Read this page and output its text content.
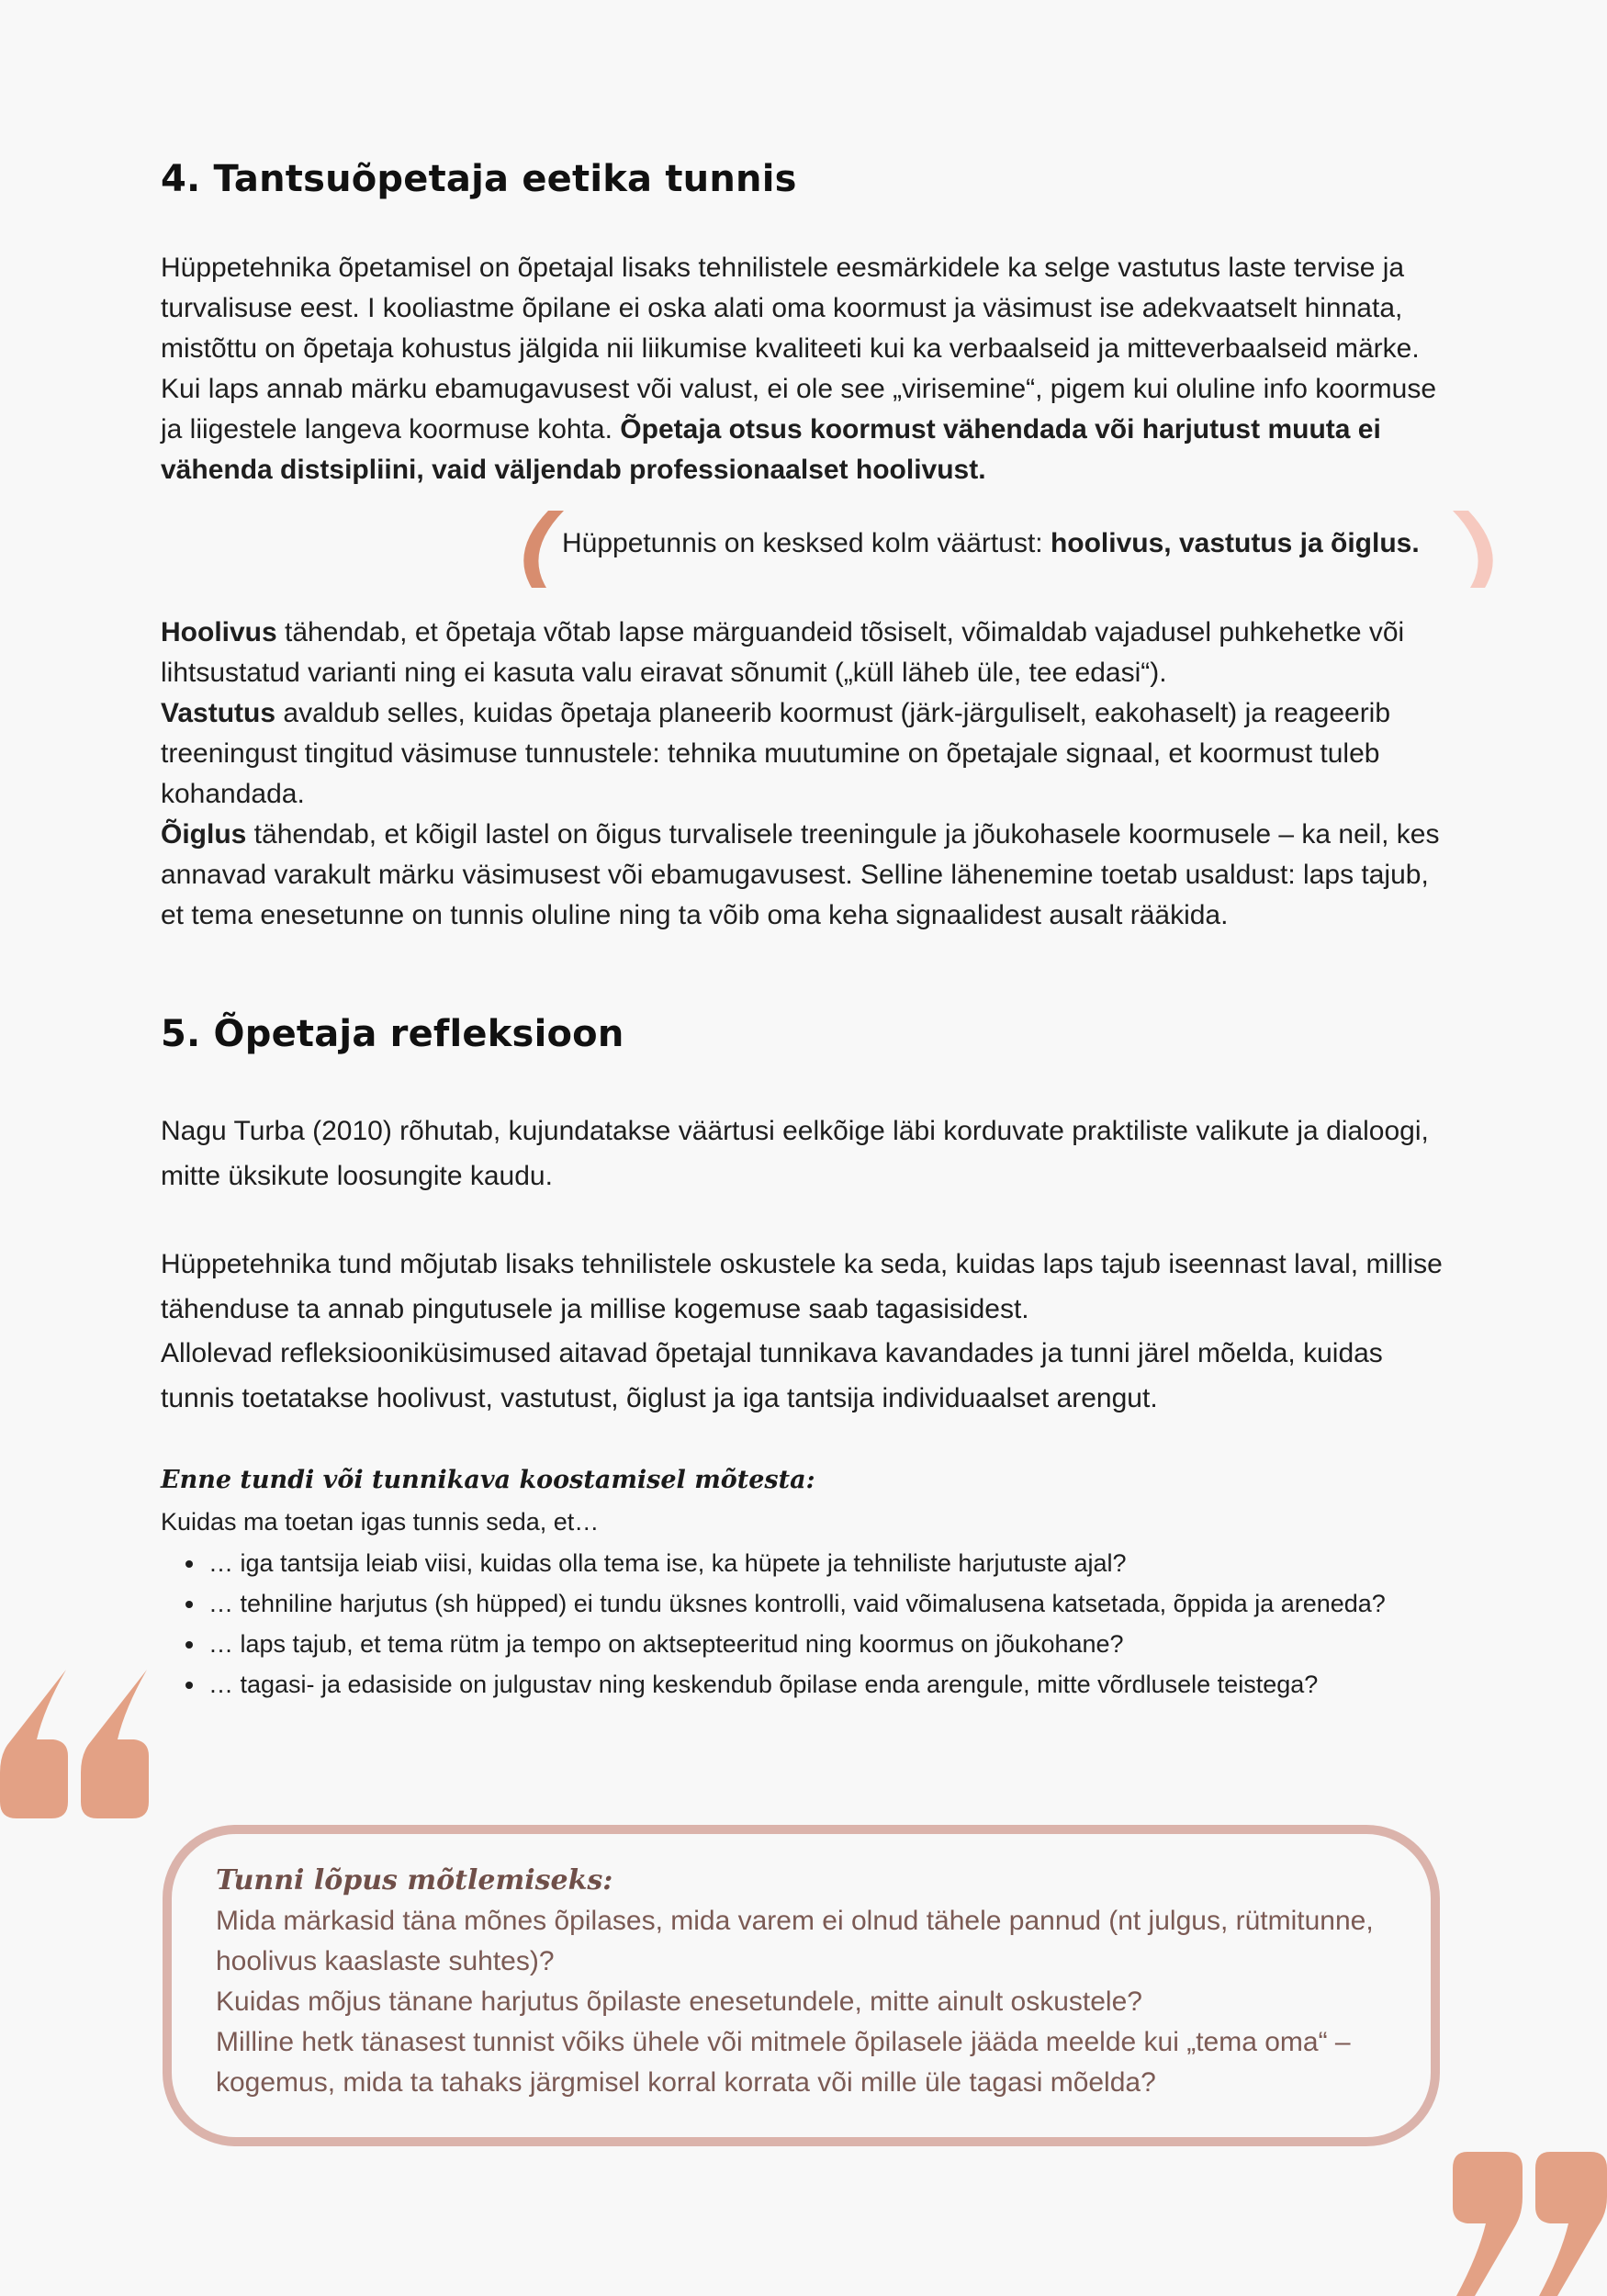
4. Tantsuõpetaja eetika tunnis

Hüppetehnika õpetamisel on õpetajal lisaks tehnilistele eesmärkidele ka selge vastutus laste tervise ja turvalisuse eest. I kooliastme õpilane ei oska alati oma koormust ja väsimust ise adekvaatselt hinnata, mistõttu on õpetaja kohustus jälgida nii liikumise kvaliteeti kui ka verbaalseid ja mitteverbaalseid märke. Kui laps annab märku ebamugavusest või valust, ei ole see „virisemine“, pigem kui oluline info koormuse ja liigestele langeva koormuse kohta. Õpetaja otsus koormust vähendada või harjutust muuta ei vähenda distsipliini, vaid väljendab professionaalset hoolivust.

Hüppetunnis on kesksed kolm väärtust: hoolivus, vastutus ja õiglus.

Hoolivus tähendab, et õpetaja võtab lapse märguandeid tõsiselt, võimaldab vajadusel puhkehetke või lihtsustatud varianti ning ei kasuta valu eiravat sõnumit („küll läheb üle, tee edasi“).

Vastutus avaldub selles, kuidas õpetaja planeerib koormust (järk-järguliselt, eakohaselt) ja reageerib treeningust tingitud väsimuse tunnustele: tehnika muutumine on õpetajale signaal, et koormust tuleb kohandada.

Õiglus tähendab, et kõigil lastel on õigus turvalisele treeningule ja jõukohasele koormusele – ka neil, kes annavad varakult märku väsimusest või ebamugavusest. Selline lähenemine toetab usaldust: laps tajub, et tema enesetunne on tunnis oluline ning ta võib oma keha signaalidest ausalt rääkida.

5. Õpetaja refleksioon

Nagu Turba (2010) rõhutab, kujundatakse väärtusi eelkõige läbi korduvate praktiliste valikute ja dialoogi, mitte üksikute loosungite kaudu.

Hüppetehnika tund mõjutab lisaks tehnilistele oskustele ka seda, kuidas laps tajub iseennast laval, millise tähenduse ta annab pingutusele ja millise kogemuse saab tagasisidest.

Allolevad refleksiooniküsimused aitavad õpetajal tunnikava kavandades ja tunni järel mõelda, kuidas tunnis toetatakse hoolivust, vastutust, õiglust ja iga tantsija individuaalset arengut.

Enne tundi või tunnikava koostamisel mõtesta:
Kuidas ma toetan igas tunnis seda, et…
• … iga tantsija leiab viisi, kuidas olla tema ise, ka hüpete ja tehniliste harjutuste ajal?
• … tehniline harjutus (sh hüpped) ei tundu üksnes kontrolli, vaid võimalusena katsetada, õppida ja areneda?
• … laps tajub, et tema rütm ja tempo on aktsepteeritud ning koormus on jõukohane?
• … tagasi- ja edasiside on julgustav ning keskendub õpilase enda arengule, mitte võrdlusele teistega?
Tunni lõpus mõtlemiseks:

Mida märkasid täna mõnes õpilases, mida varem ei olnud tähele pannud (nt julgus, rütmitunne, hoolivus kaaslaste suhtes)?

Kuidas mõjus tänane harjutus õpilaste enesetundele, mitte ainult oskustele?

Milline hetk tänasest tunnist võiks ühele või mitmele õpilasele jääda meelde kui „tema oma“ – kogemus, mida ta tahaks järgmisel korral korrata või mille üle tagasi mõelda?
